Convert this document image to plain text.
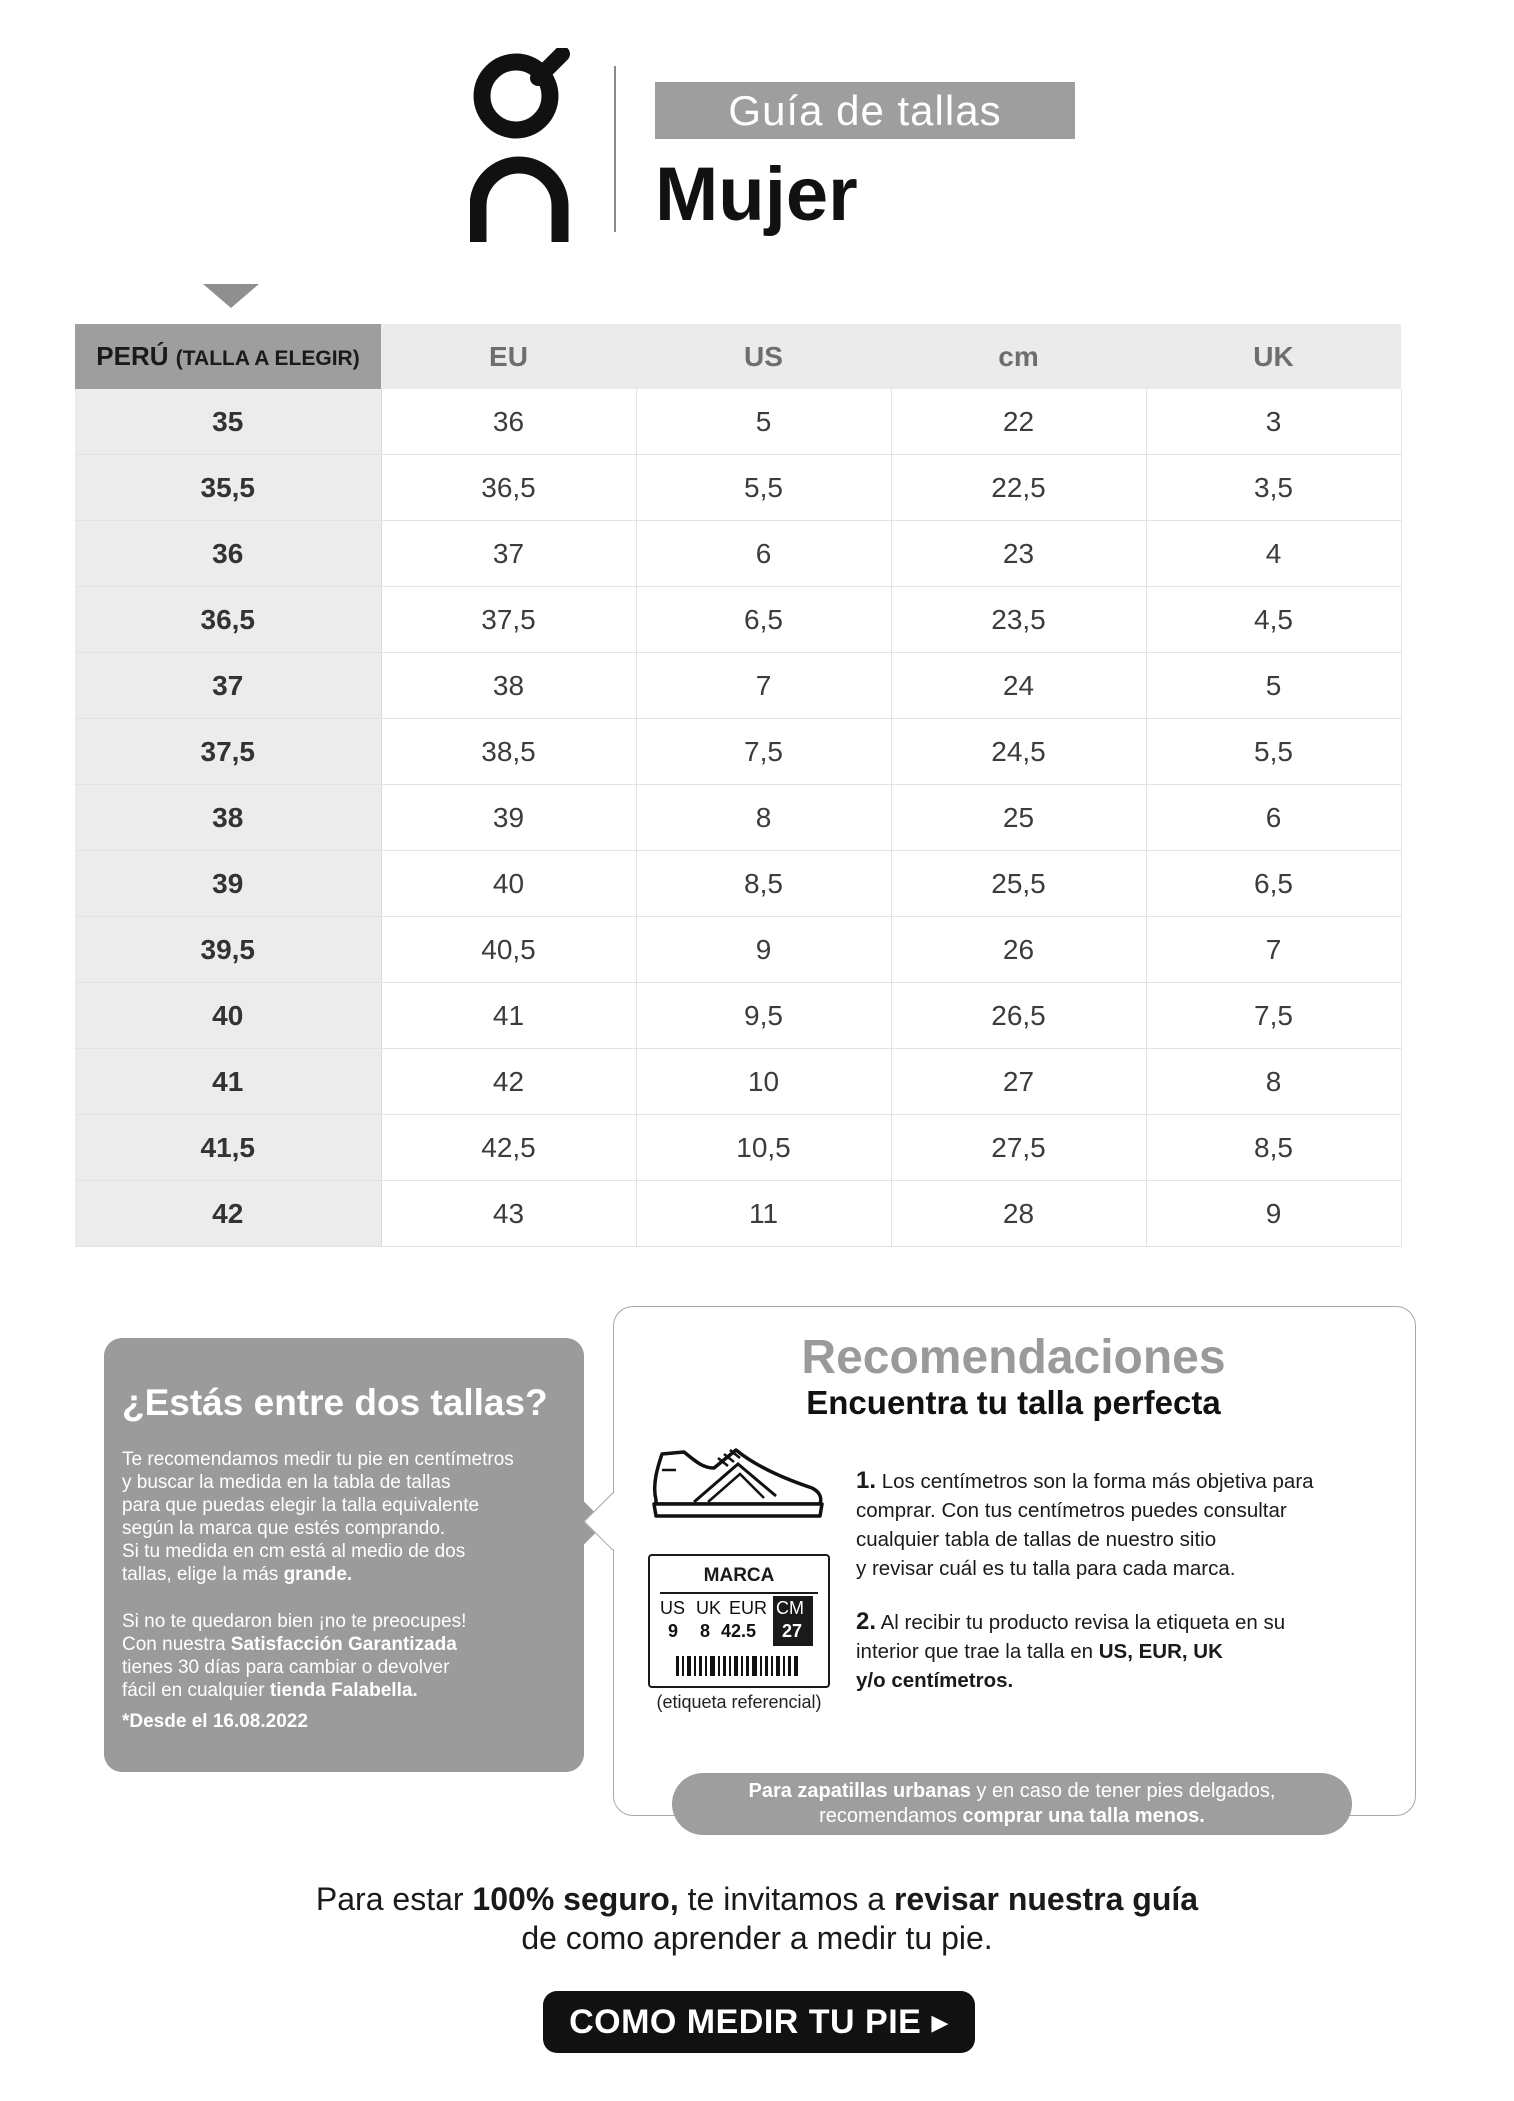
Guía de tallas
Mujer
PERÚ (TALLA A ELEGIR)	EU	US	cm	UK
35	36	5	22	3
35,5	36,5	5,5	22,5	3,5
36	37	6	23	4
36,5	37,5	6,5	23,5	4,5
37	38	7	24	5
37,5	38,5	7,5	24,5	5,5
38	39	8	25	6
39	40	8,5	25,5	6,5
39,5	40,5	9	26	7
40	41	9,5	26,5	7,5
41	42	10	27	8
41,5	42,5	10,5	27,5	8,5
42	43	11	28	9
¿Estás entre dos tallas?
Te recomendamos medir tu pie en centímetros
y buscar la medida en la tabla de tallas
para que puedas elegir la talla equivalente
según la marca que estés comprando.
Si tu medida en cm está al medio de dos
tallas, elige la más grande.
Si no te quedaron bien ¡no te preocupes!
Con nuestra Satisfacción Garantizada
tienes 30 días para cambiar o devolver
fácil en cualquier tienda Falabella.
*Desde el 16.08.2022
Recomendaciones
Encuentra tu talla perfecta
MARCA
US UK EUR CM
9 8 42.5 27
(etiqueta referencial)
1. Los centímetros son la forma más objetiva para
comprar. Con tus centímetros puedes consultar
cualquier tabla de tallas de nuestro sitio
y revisar cuál es tu talla para cada marca.
2. Al recibir tu producto revisa la etiqueta en su
interior que trae la talla en US, EUR, UK
y/o centímetros.
Para zapatillas urbanas y en caso de tener pies delgados,
recomendamos comprar una talla menos.
Para estar 100% seguro, te invitamos a revisar nuestra guía
de como aprender a medir tu pie.
COMO MEDIR TU PIE ▸
